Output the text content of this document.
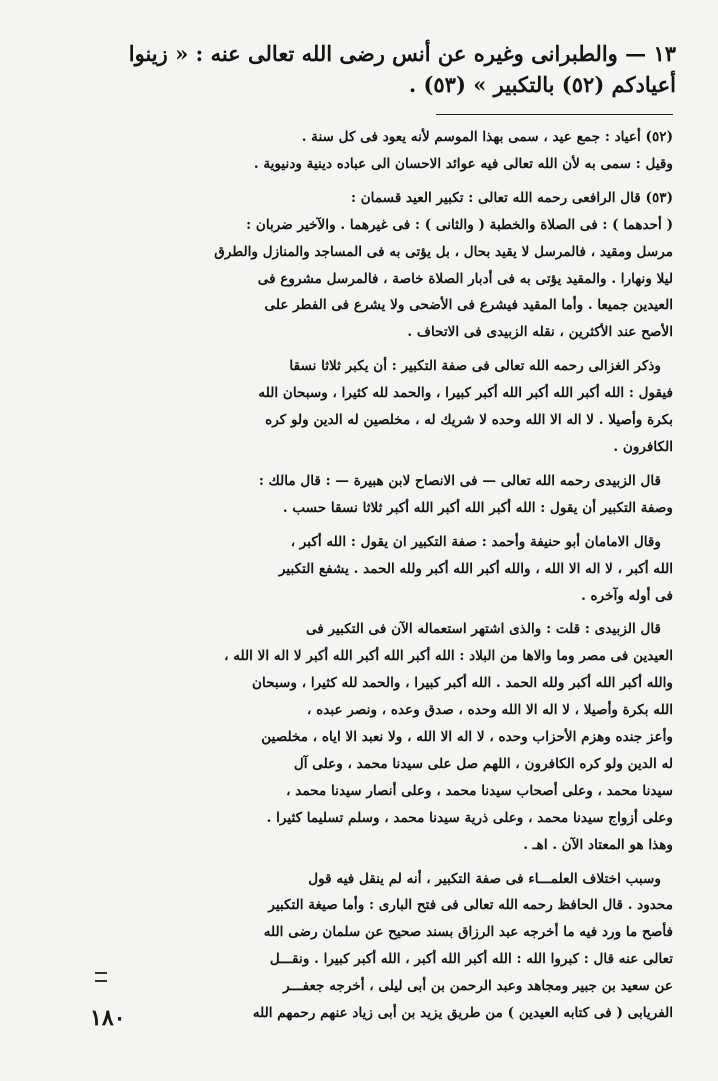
١٣ — والطبرانى وغيره عن أنس رضى الله تعالى عنه : « زينوا

أعيادكم (٥٢) بالتكبير » (٥٣) .

(٥٢) أعياد : جمع عيد ، سمى بهذا الموسم لأنه يعود فى كل سنة .

وقيل : سمى به لأن الله تعالى فيه عوائد الاحسان الى عباده دينية ودنيوية .

(٥٣) قال الرافعى رحمه الله تعالى : تكبير العيد قسمان :

( أحدهما ) : فى الصلاة والخطبة ( والثانى ) : فى غيرهما . والآخير ضربان :

مرسل ومقيد ، فالمرسل لا يقيد بحال ، بل يؤتى به فى المساجد والمنازل والطرق

ليلا ونهارا . والمقيد يؤتى به فى أدبار الصلاة خاصة ، فالمرسل مشروع فى

العيدين جميعا . وأما المقيد فيشرع فى الأضحى ولا يشرع فى الفطر على

الأصح عند الأكثرين ، نقله الزبيدى فى الاتحاف .

وذكر الغزالى رحمه الله تعالى فى صفة التكبير : أن يكبر ثلاثا نسقا

فيقول : الله أكبر الله أكبر الله أكبر كبيرا ، والحمد لله كثيرا ، وسبحان الله

بكرة وأصيلا . لا اله الا الله وحده لا شريك له ، مخلصين له الدين ولو كره

الكافرون .

قال الزبيدى رحمه الله تعالى — فى الانصاح لابن هبيرة — : قال مالك :

وصفة التكبير أن يقول : الله أكبر الله أكبر الله أكبر ثلاثا نسقا حسب .

وقال الامامان أبو حنيفة وأحمد : صفة التكبير ان يقول : الله أكبر ،

الله أكبر ، لا اله الا الله ، والله أكبر الله أكبر ولله الحمد . يشفع التكبير

فى أوله وآخره .

قال الزبيدى : قلت : والذى اشتهر استعماله الآن فى التكبير فى

العيدين فى مصر وما والاها من البلاد : الله أكبر الله أكبر الله أكبر لا اله الا الله ،

والله أكبر الله أكبر ولله الحمد . الله أكبر كبيرا ، والحمد لله كثيرا ، وسبحان

الله بكرة وأصيلا ، لا اله الا الله وحده ، صدق وعده ، ونصر عبده ،

وأعز جنده وهزم الأحزاب وحده ، لا اله الا الله ، ولا نعبد الا اياه ، مخلصين

له الدين ولو كره الكافرون ، اللهم صل على سيدنا محمد ، وعلى آل

سيدنا محمد ، وعلى أصحاب سيدنا محمد ، وعلى أنصار سيدنا محمد ،

وعلى أزواج سيدنا محمد ، وعلى ذرية سيدنا محمد ، وسلم تسليما كثيرا .

وهذا هو المعتاد الآن . اهـ .

وسبب اختلاف العلمـــاء فى صفة التكبير ، أنه لم ينقل فيه قول

محدود . قال الحافظ رحمه الله تعالى فى فتح البارى : وأما صيغة التكبير

فأصح ما ورد فيه ما أخرجه عبد الرزاق بسند صحيح عن سلمان رضى الله

تعالى عنه قال : كبروا الله : الله أكبر الله أكبر ، الله أكبر كبيرا . ونقـــل

عن سعيد بن جبير ومجاهد وعبد الرحمن بن أبى ليلى ، أخرجه جعفـــر

الفريابى ( فى كتابه العيدين ) من طريق يزيد بن أبى زياد عنهم رحمهم الله

١٨٠
